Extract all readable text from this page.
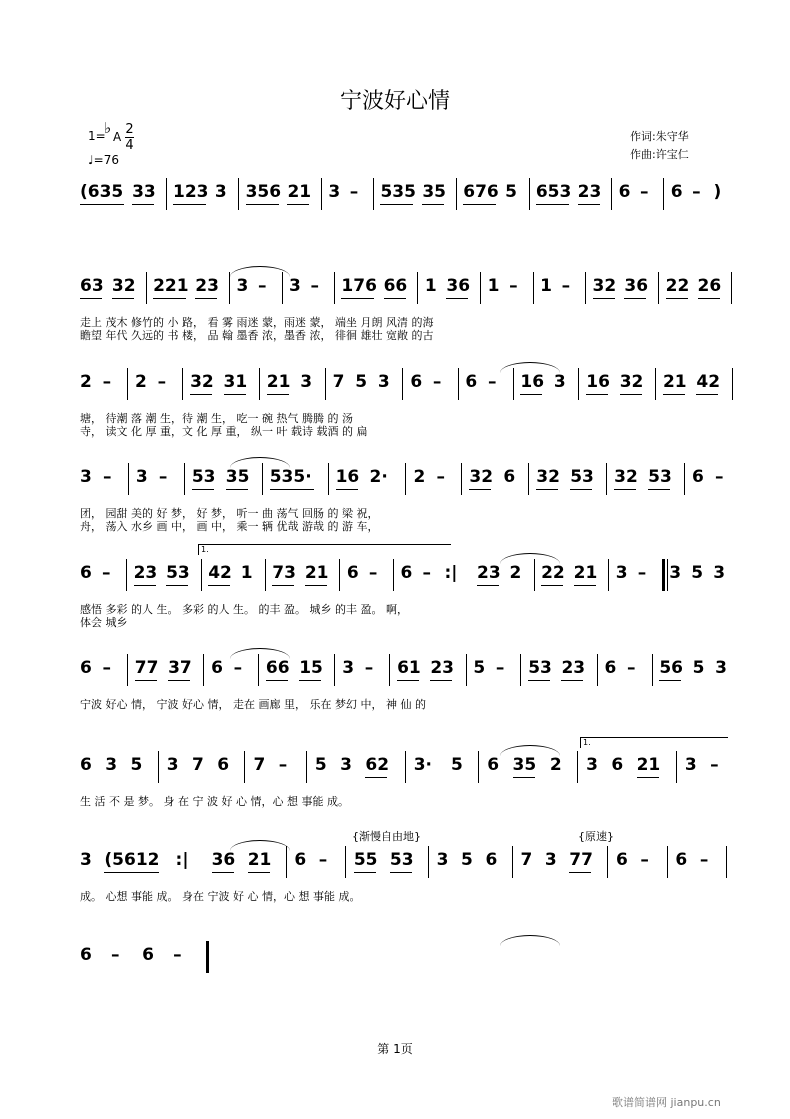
宁波好心情
1=
♭ A 2
4
♩=76
作词:朱守华
作曲:许宝仁
(635 33 123 3 356 21 3 – 535 35 676 5 653 23 6 – 6 – )
63 32 221 23 3 – 3 – 176 66 1 36 1 – 1 – 32 36 22 26
走上 茂木 修竹的 小 路， 看 雾 雨迷 蒙，雨迷 蒙， 端坐 月朗 风清 的海
瞻望 年代 久远的 书 楼， 品 翰 墨香 浓，墨香 浓， 徘徊 雄壮 宽敞 的古
2 – 2 – 32 31 21 3 7 5 3 6 – 6 – 16 3 16 32 21 42
塘， 待潮 落 潮 生，待 潮 生， 吃一 碗 热气 腾腾 的 汤
寺， 读文 化 厚 重，文 化 厚 重， 纵一 叶 载诗 载酒 的 扁
3 – 3 – 53 35 535· 16 2· 2 – 32 6 32 53 32 53 6 –
团， 园甜 美的 好 梦， 好 梦， 听一 曲 荡气 回肠 的 梁 祝，
舟， 荡入 水乡 画 中， 画 中， 乘一 辆 优哉 游哉 的 游 车，
6 – 23 53 42 1 73 21 6 – 6 – :| 23 2 22 21 3 – 3 5 3
感悟 多彩 的人 生。 多彩 的人 生。 的丰 盈。 城乡 的丰 盈。 啊，
体会 城乡
6 – 77 37 6 – 66 15 3 – 61 23 5 – 53 23 6 – 56 5 3
宁波 好心 情， 宁波 好心 情， 走在 画廊 里， 乐在 梦幻 中， 神 仙 的
6 3 5 3 7 6 7 – 5 3 62 3· 5 6 35 2 3 6 21 3 –
生 活 不 是 梦。 身 在 宁 波 好 心 情，心 想 事能 成。
3 (5612 :| 36 21 6 – 55 53 3 5 6 7 3 77 6 – 6 –
成。 心想 事能 成。 身在 宁波 好 心 情，心 想 事能 成。
{渐慢自由地}	{原速}
6 – 6 –
第 1页
歌谱简谱网 jianpu.cn
1.
1.
